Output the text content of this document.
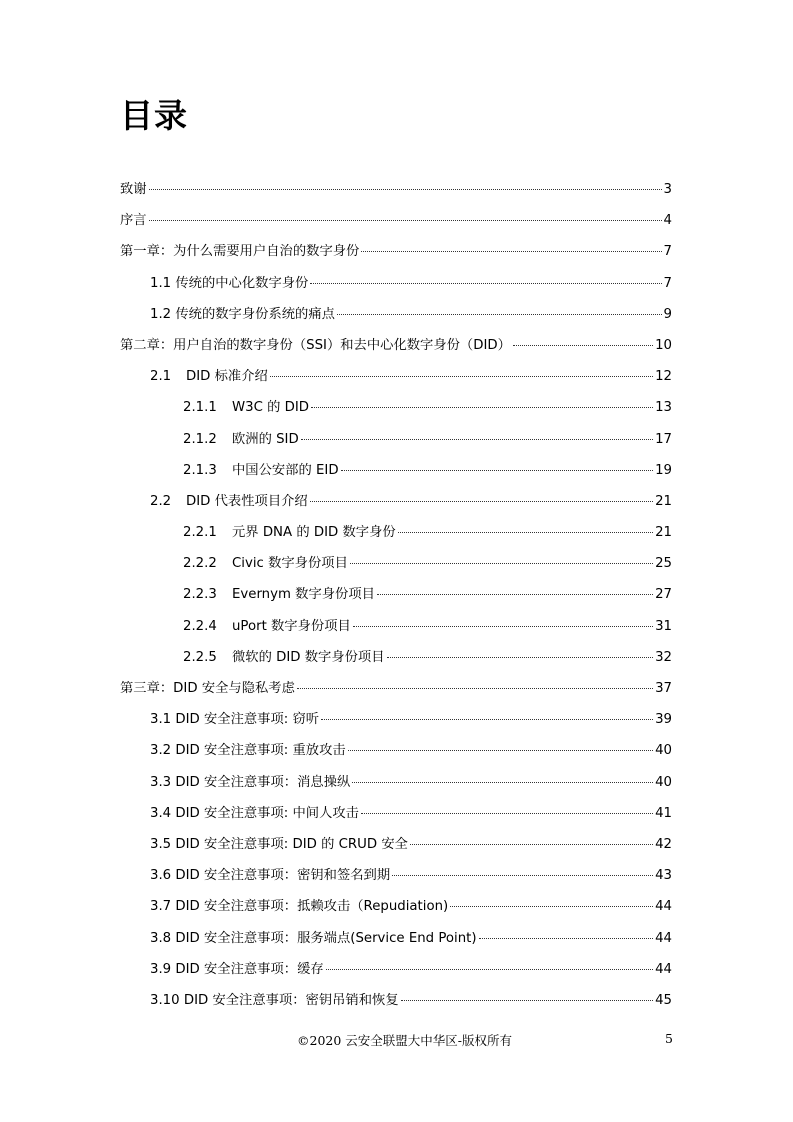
目录
致谢	3
序言	4
第一章：为什么需要用户自治的数字身份	7
1.1 传统的中心化数字身份	7
1.2 传统的数字身份系统的痛点	9
第二章：用户自治的数字身份（SSI）和去中心化数字身份（DID）	10
2.1	DID 标准介绍	12
2.1.1	W3C 的 DID	13
2.1.2	欧洲的 SID	17
2.1.3	中国公安部的 EID	19
2.2	DID 代表性项目介绍	21
2.2.1	元界 DNA 的 DID 数字身份	21
2.2.2	Civic 数字身份项目	25
2.2.3	Evernym 数字身份项目	27
2.2.4	uPort 数字身份项目	31
2.2.5	微软的 DID 数字身份项目	32
第三章：DID 安全与隐私考虑	37
3.1 DID 安全注意事项: 窃听	39
3.2 DID 安全注意事项: 重放攻击	40
3.3 DID 安全注意事项：消息操纵	40
3.4 DID 安全注意事项: 中间人攻击	41
3.5 DID 安全注意事项: DID 的 CRUD 安全	42
3.6 DID 安全注意事项：密钥和签名到期	43
3.7 DID 安全注意事项：抵赖攻击（Repudiation)	44
3.8 DID 安全注意事项：服务端点(Service End Point)	44
3.9 DID 安全注意事项：缓存	44
3.10 DID 安全注意事项：密钥吊销和恢复	45
©2020 云安全联盟大中华区-版权所有	5
